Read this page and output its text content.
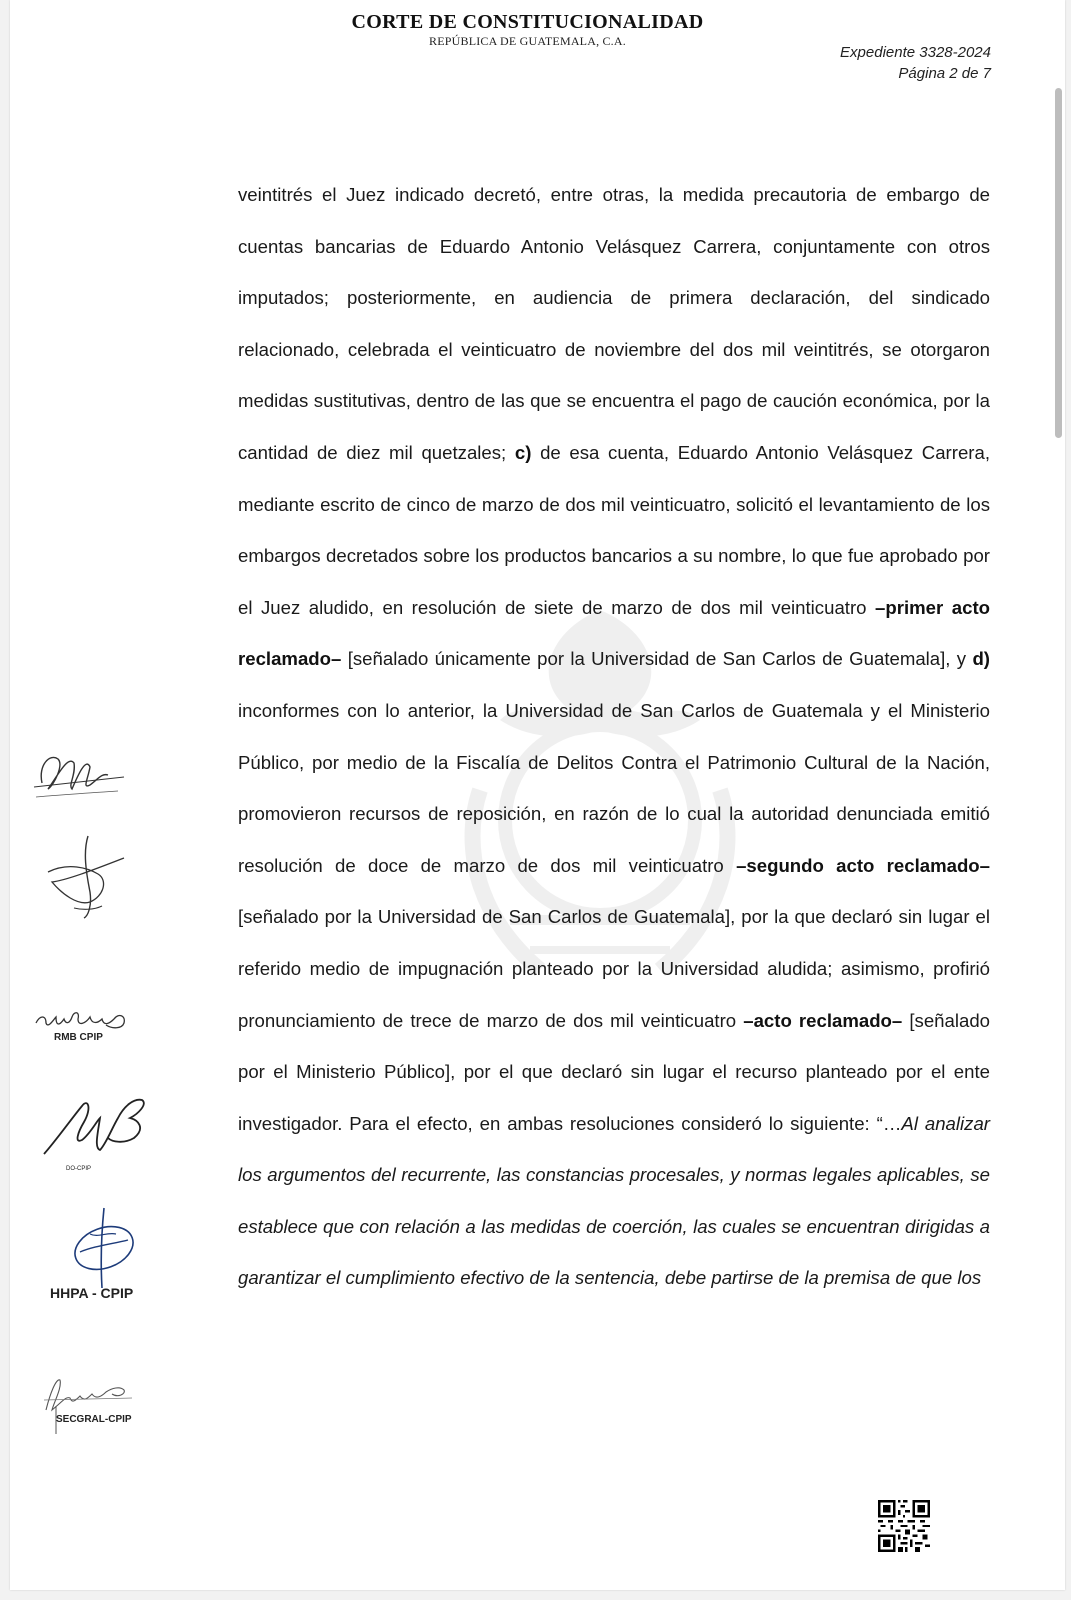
CORTE DE CONSTITUCIONALIDAD
REPÚBLICA DE GUATEMALA, C.A.
Expediente 3328-2024
Página 2 de 7

veintitrés el Juez indicado decretó, entre otras, la medida precautoria de embargo de cuentas bancarias de Eduardo Antonio Velásquez Carrera, conjuntamente con otros imputados; posteriormente, en audiencia de primera declaración, del sindicado relacionado, celebrada el veinticuatro de noviembre del dos mil veintitrés, se otorgaron medidas sustitutivas, dentro de las que se encuentra el pago de caución económica, por la cantidad de diez mil quetzales; c) de esa cuenta, Eduardo Antonio Velásquez Carrera, mediante escrito de cinco de marzo de dos mil veinticuatro, solicitó el levantamiento de los embargos decretados sobre los productos bancarios a su nombre, lo que fue aprobado por el Juez aludido, en resolución de siete de marzo de dos mil veinticuatro –primer acto reclamado– [señalado únicamente por la Universidad de San Carlos de Guatemala], y d) inconformes con lo anterior, la Universidad de San Carlos de Guatemala y el Ministerio Público, por medio de la Fiscalía de Delitos Contra el Patrimonio Cultural de la Nación, promovieron recursos de reposición, en razón de lo cual la autoridad denunciada emitió resolución de doce de marzo de dos mil veinticuatro –segundo acto reclamado– [señalado por la Universidad de San Carlos de Guatemala], por la que declaró sin lugar el referido medio de impugnación planteado por la Universidad aludida; asimismo, profirió pronunciamiento de trece de marzo de dos mil veinticuatro –acto reclamado– [señalado por el Ministerio Público], por el que declaró sin lugar el recurso planteado por el ente investigador. Para el efecto, en ambas resoluciones consideró lo siguiente: “…Al analizar los argumentos del recurrente, las constancias procesales, y normas legales aplicables, se establece que con relación a las medidas de coerción, las cuales se encuentran dirigidas a garantizar el cumplimiento efectivo de la sentencia, debe partirse de la premisa de que los

RMB CPIP
DO-CPIP
HHPA - CPIP
SECGRAL-CPIP
